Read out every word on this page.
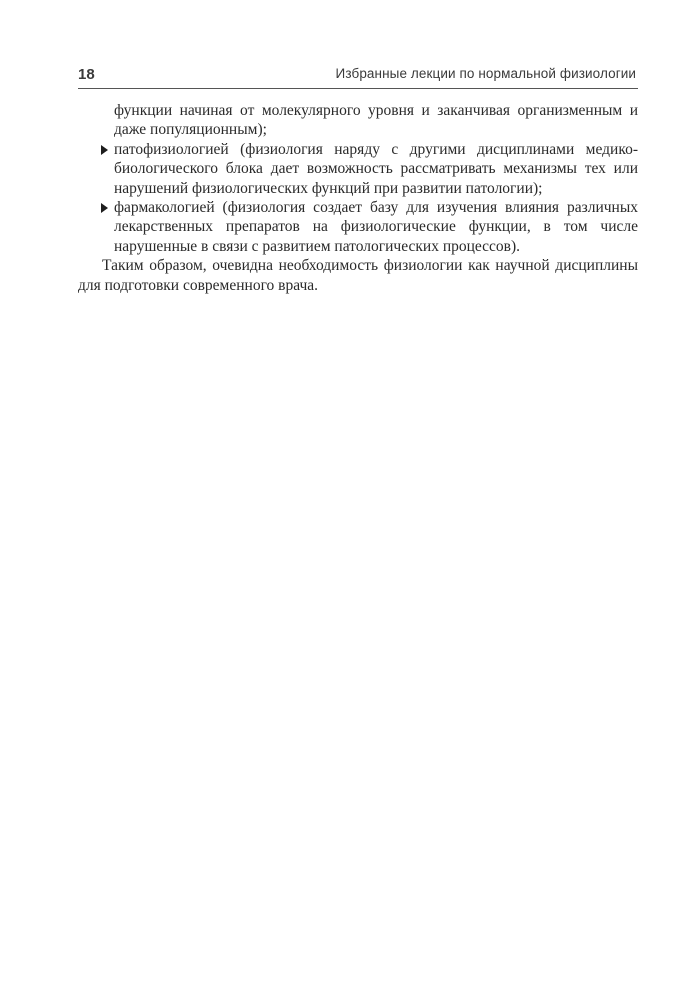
18	Избранные лекции по нормальной физиологии

функции начиная от молекулярного уровня и заканчивая организменным и даже популяционным);

патофизиологией (физиология наряду с другими дисциплинами медико-биологического блока дает возможность рассматривать механизмы тех или нарушений физиологических функций при развитии патологии);

фармакологией (физиология создает базу для изучения влияния различных лекарственных препаратов на физиологические функции, в том числе нарушенные в связи с развитием патологических процессов).

Таким образом, очевидна необходимость физиологии как научной дисциплины для подготовки современного врача.
